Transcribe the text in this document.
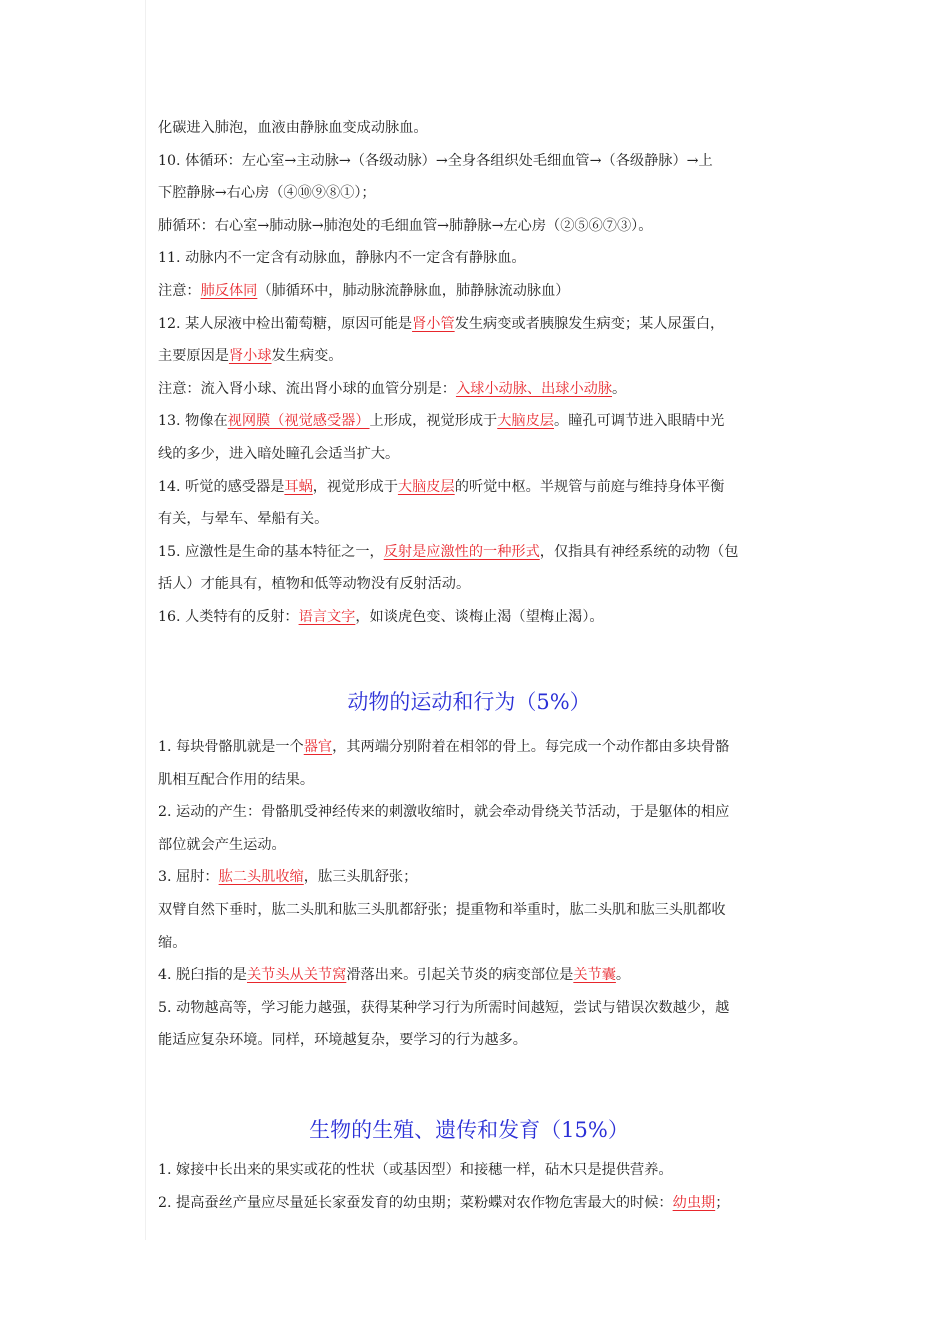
化碳进入肺泡，血液由静脉血变成动脉血。
10. 体循环：左心室→主动脉→（各级动脉）→全身各组织处毛细血管→（各级静脉）→上
下腔静脉→右心房（④⑩⑨⑧①）；
肺循环：右心室→肺动脉→肺泡处的毛细血管→肺静脉→左心房（②⑤⑥⑦③）。
11. 动脉内不一定含有动脉血，静脉内不一定含有静脉血。
注意：肺反体同（肺循环中，肺动脉流静脉血，肺静脉流动脉血）
12. 某人尿液中检出葡萄糖，原因可能是肾小管发生病变或者胰腺发生病变；某人尿蛋白，
主要原因是肾小球发生病变。
注意：流入肾小球、流出肾小球的血管分别是：入球小动脉、出球小动脉。
13. 物像在视网膜（视觉感受器）上形成，视觉形成于大脑皮层。瞳孔可调节进入眼睛中光
线的多少，进入暗处瞳孔会适当扩大。
14. 听觉的感受器是耳蜗，视觉形成于大脑皮层的听觉中枢。半规管与前庭与维持身体平衡
有关，与晕车、晕船有关。
15. 应激性是生命的基本特征之一，反射是应激性的一种形式，仅指具有神经系统的动物（包
括人）才能具有，植物和低等动物没有反射活动。
16. 人类特有的反射：语言文字，如谈虎色变、谈梅止渴（望梅止渴）。
动物的运动和行为（5%）
1. 每块骨骼肌就是一个器官，其两端分别附着在相邻的骨上。每完成一个动作都由多块骨骼
肌相互配合作用的结果。
2. 运动的产生：骨骼肌受神经传来的刺激收缩时，就会牵动骨绕关节活动，于是躯体的相应
部位就会产生运动。
3. 屈肘：肱二头肌收缩，肱三头肌舒张；
双臂自然下垂时，肱二头肌和肱三头肌都舒张；提重物和举重时，肱二头肌和肱三头肌都收
缩。
4. 脱臼指的是关节头从关节窝滑落出来。引起关节炎的病变部位是关节囊。
5. 动物越高等，学习能力越强，获得某种学习行为所需时间越短，尝试与错误次数越少，越
能适应复杂环境。同样，环境越复杂，要学习的行为越多。
生物的生殖、遗传和发育（15%）
1. 嫁接中长出来的果实或花的性状（或基因型）和接穗一样，砧木只是提供营养。
2. 提高蚕丝产量应尽量延长家蚕发育的幼虫期；菜粉蝶对农作物危害最大的时候：幼虫期；
